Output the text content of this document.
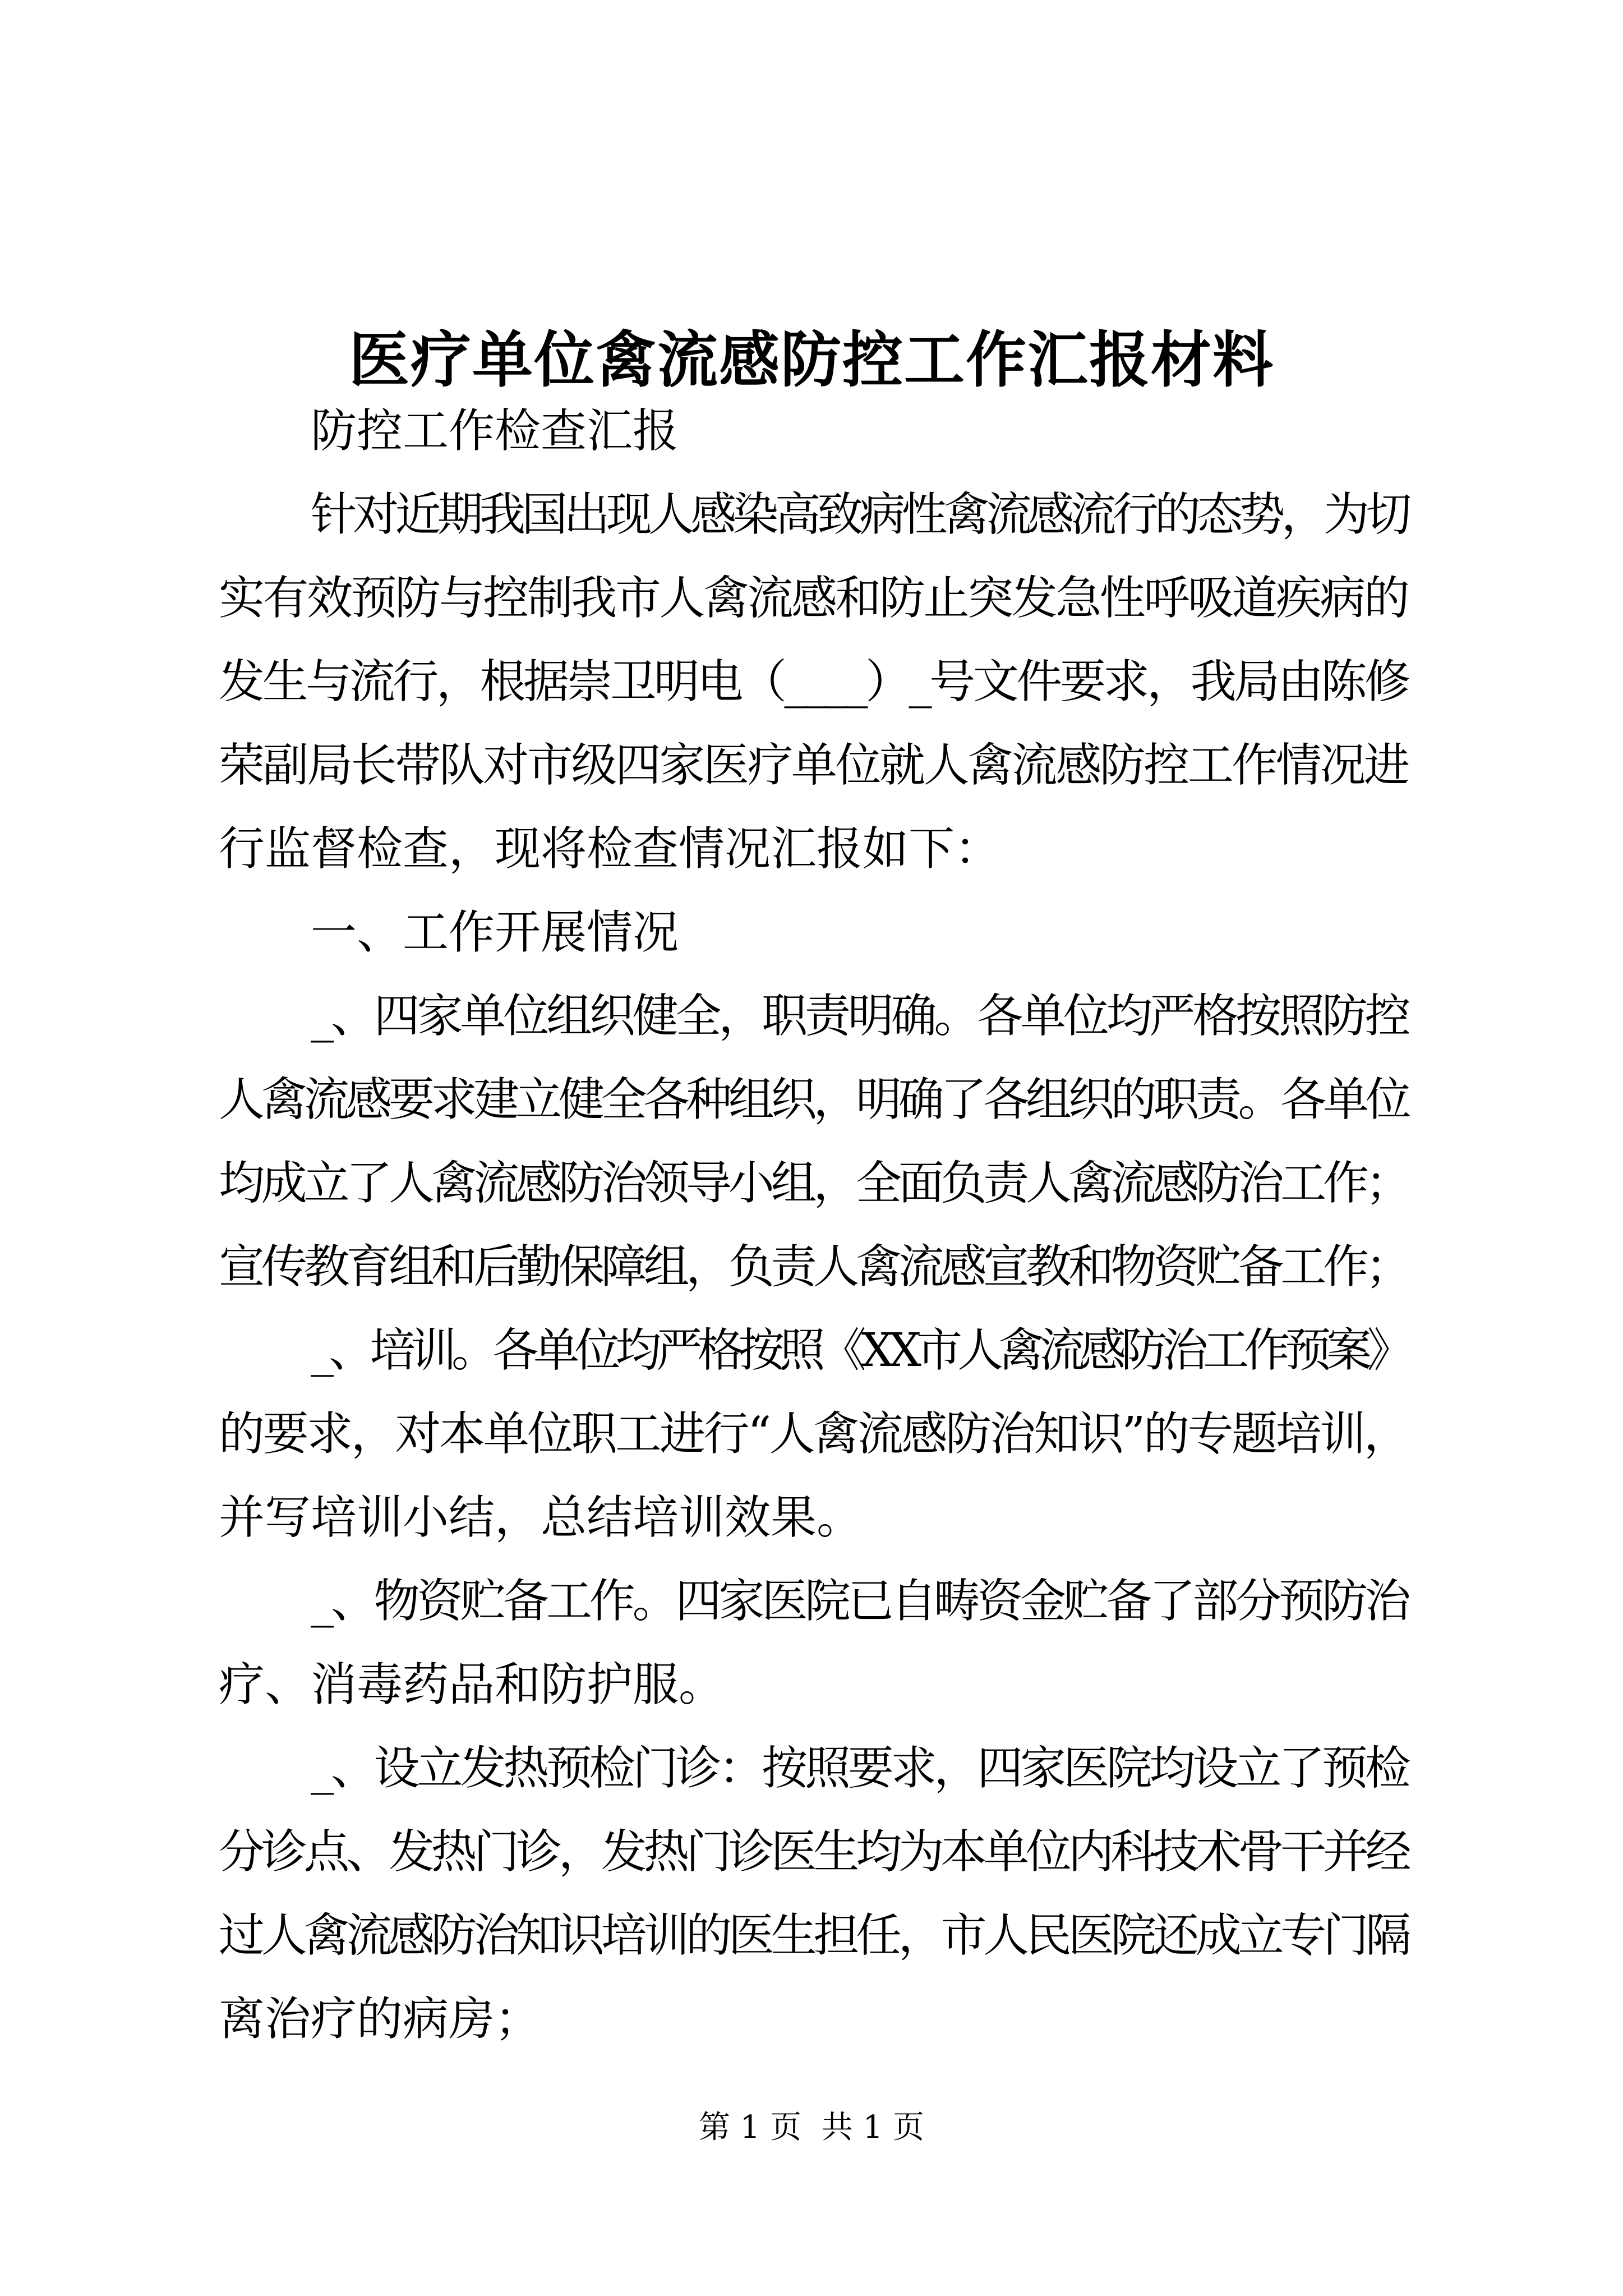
医疗单位禽流感防控工作汇报材料

防控工作检查汇报

针对近期我国出现人感染高致病性禽流感流行的态势，为切
实有效预防与控制我市人禽流感和防止突发急性呼吸道疾病的
发生与流行，根据崇卫明电（____）_号文件要求，我局由陈修
荣副局长带队对市级四家医疗单位就人禽流感防控工作情况进
行监督检查，现将检查情况汇报如下：

一、工作开展情况

_、四家单位组织健全，职责明确。各单位均严格按照防控
人禽流感要求建立健全各种组织，明确了各组织的职责。各单位
均成立了人禽流感防治领导小组，全面负责人禽流感防治工作；
宣传教育组和后勤保障组，负责人禽流感宣教和物资贮备工作；

_、培训。各单位均严格按照《XX市人禽流感防治工作预案》
的要求，对本单位职工进行“人禽流感防治知识”的专题培训，
并写培训小结，总结培训效果。

_、物资贮备工作。四家医院已自畴资金贮备了部分预防治
疗、消毒药品和防护服。

_、设立发热预检门诊：按照要求，四家医院均设立了预检
分诊点、发热门诊，发热门诊医生均为本单位内科技术骨干并经
过人禽流感防治知识培训的医生担任，市人民医院还成立专门隔
离治疗的病房；

第 1 页  共 1 页
